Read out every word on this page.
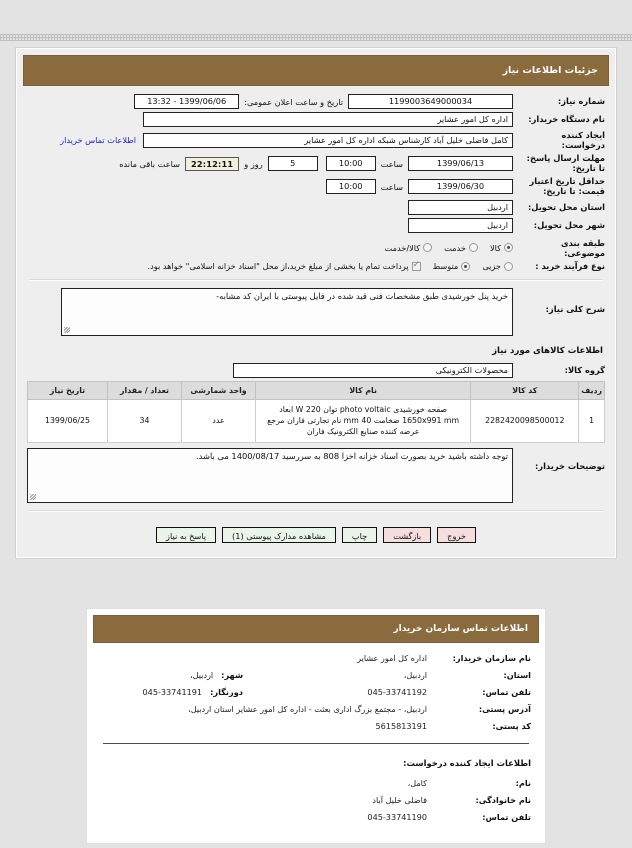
جزئیات اطلاعات نیاز
شماره نیاز:
1199003649000034
تاریخ و ساعت اعلان عمومی:
1399/06/06 - 13:32
نام دستگاه خریدار:
اداره کل امور عشایر
ایجاد کننده درخواست:
کامل فاضلی خلیل آباد کارشناس شبکه اداره کل امور عشایر
اطلاعات تماس خریدار
مهلت ارسال پاسخ: تا تاریخ:
1399/06/13
ساعت
10:00
5
روز و
22:12:11
ساعت باقی مانده
حداقل تاریخ اعتبار قیمت: تا تاریخ:
1399/06/30
ساعت
10:00
استان محل تحویل:
اردبیل
شهر محل تحویل:
اردبیل
طبقه بندی موضوعی:
کالا
خدمت
کالا/خدمت
نوع فرآیند خرید :
جزیی
متوسط
✓
پرداخت تمام یا بخشی از مبلغ خرید،از محل "اسناد خزانه اسلامی" خواهد بود.
شرح کلی نیاز:
خرید پنل خورشیدی طبق مشخصات فنی قید شده در فایل پیوستی با ایران کد مشابه-
اطلاعات کالاهای مورد نیاز
گروه کالا:
محصولات الکترونیکی
ردیف	کد کالا	نام کالا	واحد شمارشی	تعداد / مقدار	تاریخ نیاز
1	2282420098500012	صفحه خورشیدی photo voltaic توان 220 W ابعاد 1650x991 mm ضخامت 40 mm نام تجارتی فاران مرجع عرضه کننده صنایع الکترونیک فاران	عدد	34	1399/06/25
توضیحات خریدار:
توجه داشته باشید خرید بصورت اسناد خزانه اخزا 808 به سررسید 1400/08/17 می باشد.
خروج
بازگشت
چاپ
مشاهده مدارک پیوستی (1)
پاسخ به نیاز
اطلاعات تماس سازمان خریدار
نام سازمان خریدار:
اداره کل امور عشایر
استان:
اردبیل،
شهر:
اردبیل،
تلفن تماس:
045-33741192
دورنگار:
045-33741191
آدرس پستی:
اردبیل، - مجتمع بزرگ اداری بعثت - اداره کل امور عشایر استان اردبیل،
کد پستی:
5615813191
اطلاعات ایجاد کننده درخواست:
نام:
کامل،
نام خانوادگی:
فاضلی خلیل آباد
تلفن تماس:
045-33741190
